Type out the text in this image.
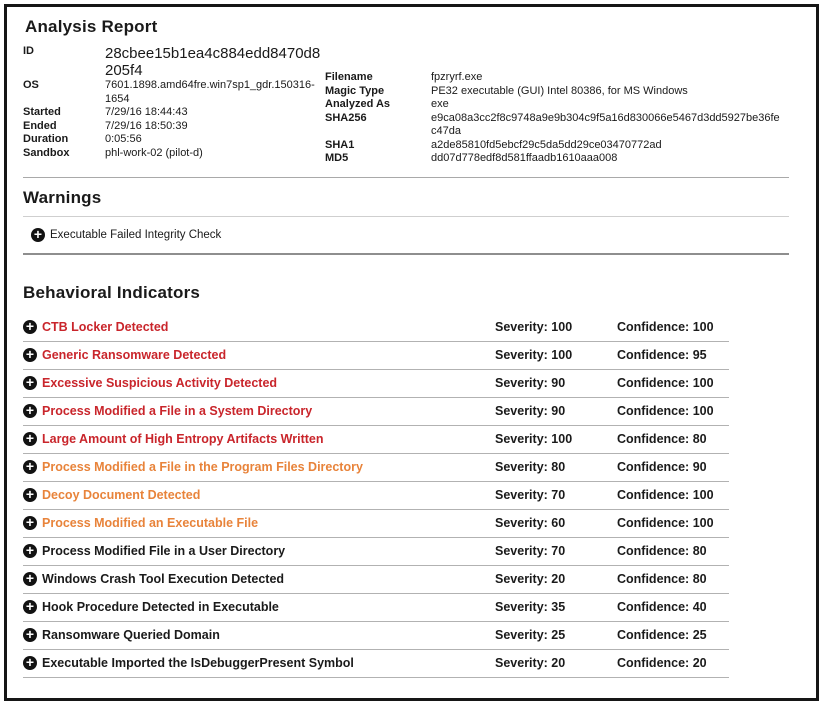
Analysis Report
ID	28cbee15b1ea4c884edd8470d8205f4
OS	7601.1898.amd64fre.win7sp1_gdr.150316-1654
Started	7/29/16 18:44:43
Ended	7/29/16 18:50:39
Duration	0:05:56
Sandbox	phl-work-02 (pilot-d)
Filename	fpzryrf.exe
Magic Type	PE32 executable (GUI) Intel 80386, for MS Windows
Analyzed As	exe
SHA256	e9ca08a3cc2f8c9748a9e9b304c9f5a16d830066e5467d3dd5927be36fec47da
SHA1	a2de85810fd5ebcf29c5da5dd29ce03470772ad
MD5	dd07d778edf8d581ffaadb1610aaa008
Warnings
+ Executable Failed Integrity Check
Behavioral Indicators
+ CTB Locker Detected	Severity: 100	Confidence: 100
+ Generic Ransomware Detected	Severity: 100	Confidence: 95
+ Excessive Suspicious Activity Detected	Severity: 90	Confidence: 100
+ Process Modified a File in a System Directory	Severity: 90	Confidence: 100
+ Large Amount of High Entropy Artifacts Written	Severity: 100	Confidence: 80
+ Process Modified a File in the Program Files Directory	Severity: 80	Confidence: 90
+ Decoy Document Detected	Severity: 70	Confidence: 100
+ Process Modified an Executable File	Severity: 60	Confidence: 100
+ Process Modified File in a User Directory	Severity: 70	Confidence: 80
+ Windows Crash Tool Execution Detected	Severity: 20	Confidence: 80
+ Hook Procedure Detected in Executable	Severity: 35	Confidence: 40
+ Ransomware Queried Domain	Severity: 25	Confidence: 25
+ Executable Imported the IsDebuggerPresent Symbol	Severity: 20	Confidence: 20
